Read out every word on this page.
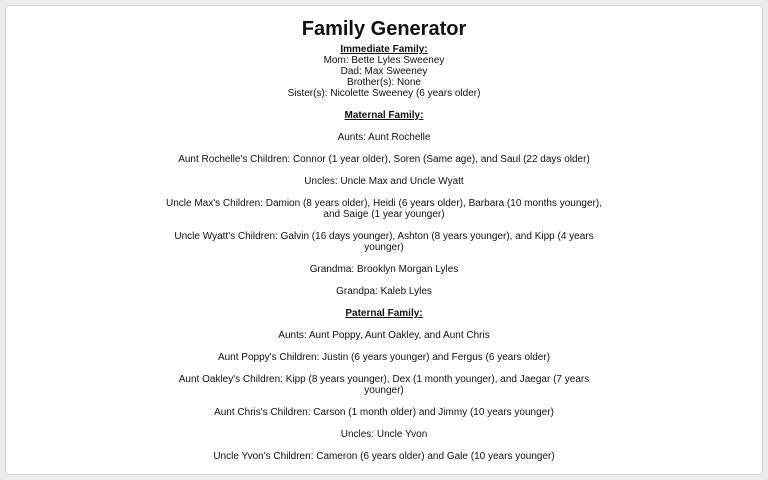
Family Generator
Immediate Family:
Mom: Bette Lyles Sweeney
Dad: Max Sweeney
Brother(s): None
Sister(s): Nicolette Sweeney (6 years older)
Maternal Family:
Aunts: Aunt Rochelle
Aunt Rochelle's Children: Connor (1 year older), Soren (Same age), and Saul (22 days older)
Uncles: Uncle Max and Uncle Wyatt
Uncle Max's Children: Damion (8 years older), Heidi (6 years older), Barbara (10 months younger), and Saige (1 year younger)
Uncle Wyatt's Children: Galvin (16 days younger), Ashton (8 years younger), and Kipp (4 years younger)
Grandma: Brooklyn Morgan Lyles
Grandpa: Kaleb Lyles
Paternal Family:
Aunts: Aunt Poppy, Aunt Oakley, and Aunt Chris
Aunt Poppy's Children: Justin (6 years younger) and Fergus (6 years older)
Aunt Oakley's Children: Kipp (8 years younger), Dex (1 month younger), and Jaegar (7 years younger)
Aunt Chris's Children: Carson (1 month older) and Jimmy (10 years younger)
Uncles: Uncle Yvon
Uncle Yvon's Children: Cameron (6 years older) and Gale (10 years younger)
